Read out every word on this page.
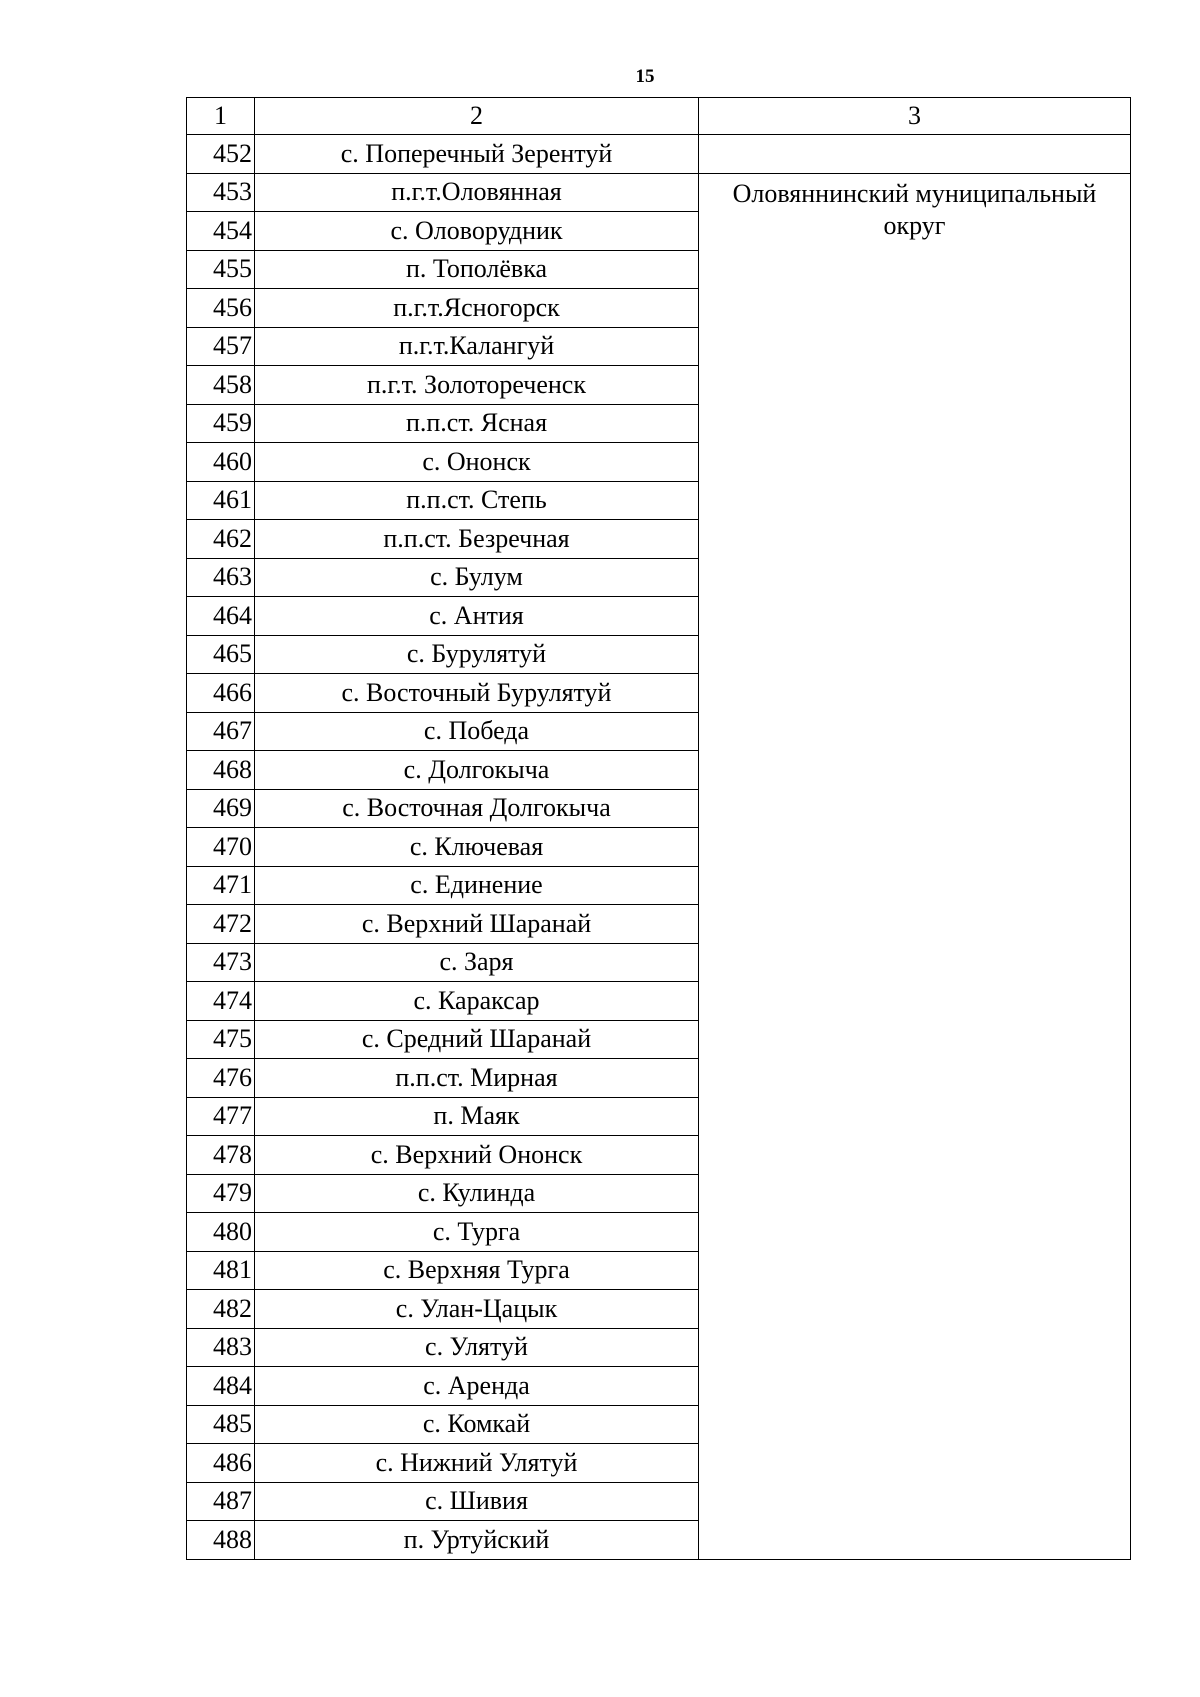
15
1	2	3
452	с. Поперечный Зерентуй	
453	п.г.т.Оловянная	Оловяннинский муниципальный округ
454	с. Оловорудник	
455	п. Тополёвка	
456	п.г.т.Ясногорск	
457	п.г.т.Калангуй	
458	п.г.т. Золотореченск	
459	п.п.ст. Ясная	
460	с. Ононск	
461	п.п.ст. Степь	
462	п.п.ст. Безречная	
463	с. Булум	
464	с. Антия	
465	с. Бурулятуй	
466	с. Восточный Бурулятуй	
467	с. Победа	
468	с. Долгокыча	
469	с. Восточная Долгокыча	
470	с. Ключевая	
471	с. Единение	
472	с. Верхний Шаранай	
473	с. Заря	
474	с. Караксар	
475	с. Средний Шаранай	
476	п.п.ст. Мирная	
477	п. Маяк	
478	с. Верхний Ононск	
479	с. Кулинда	
480	с. Турга	
481	с. Верхняя Турга	
482	с. Улан-Цацык	
483	с. Улятуй	
484	с. Аренда	
485	с. Комкай	
486	с. Нижний Улятуй	
487	с. Шивия	
488	п. Уртуйский	
